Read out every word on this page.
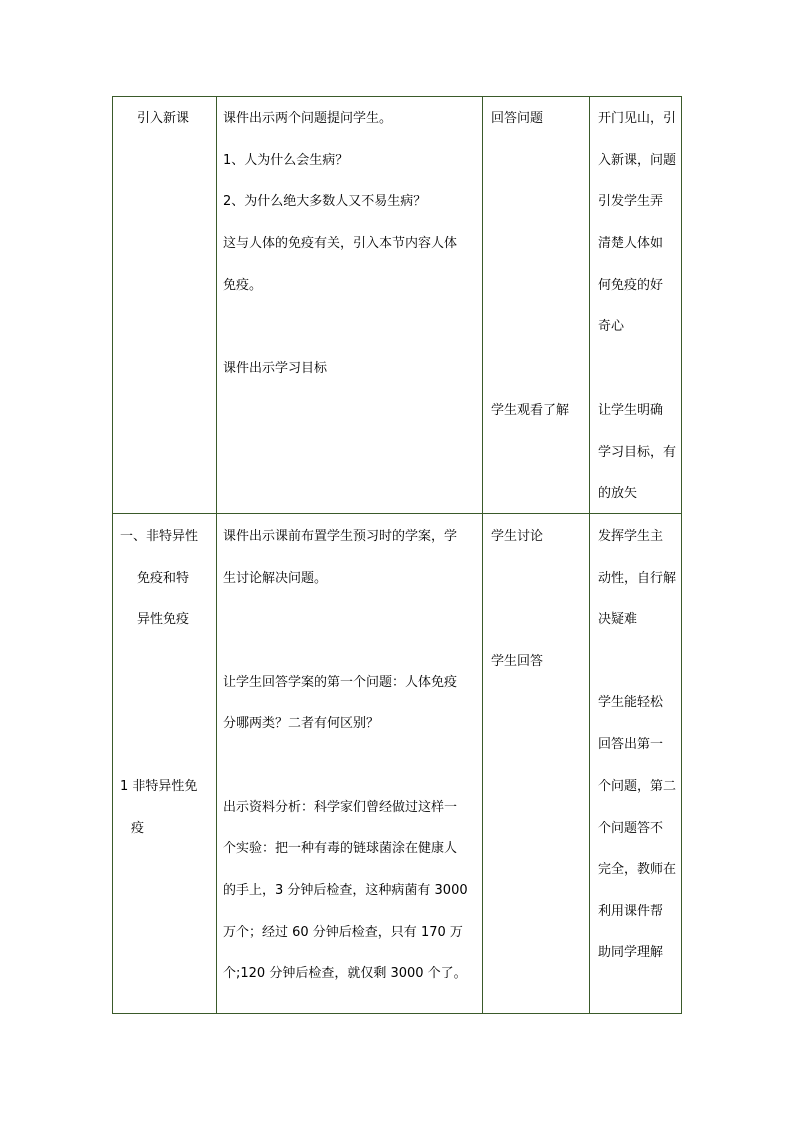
引入新课	课件出示两个问题提问学生。
1、人为什么会生病？
2、为什么绝大多数人又不易生病？
这与人体的免疫有关，引入本节内容人体
免疫。
课件出示学习目标
回答问题
学生观看了解
开门见山，引
入新课，问题
引发学生弄
清楚人体如
何免疫的好
奇心
让学生明确
学习目标，有
的放矢
一、非特异性
免疫和特
异性免疫
1 非特异性免
疫
课件出示课前布置学生预习时的学案，学
生讨论解决问题。
让学生回答学案的第一个问题：人体免疫
分哪两类？二者有何区别？
出示资料分析：科学家们曾经做过这样一
个实验：把一种有毒的链球菌涂在健康人
的手上，3 分钟后检查，这种病菌有 3000
万个；经过 60 分钟后检查，只有 170 万
个;120 分钟后检查，就仅剩 3000 个了。
学生讨论
学生回答
发挥学生主
动性，自行解
决疑难
学生能轻松
回答出第一
个问题，第二
个问题答不
完全，教师在
利用课件帮
助同学理解
